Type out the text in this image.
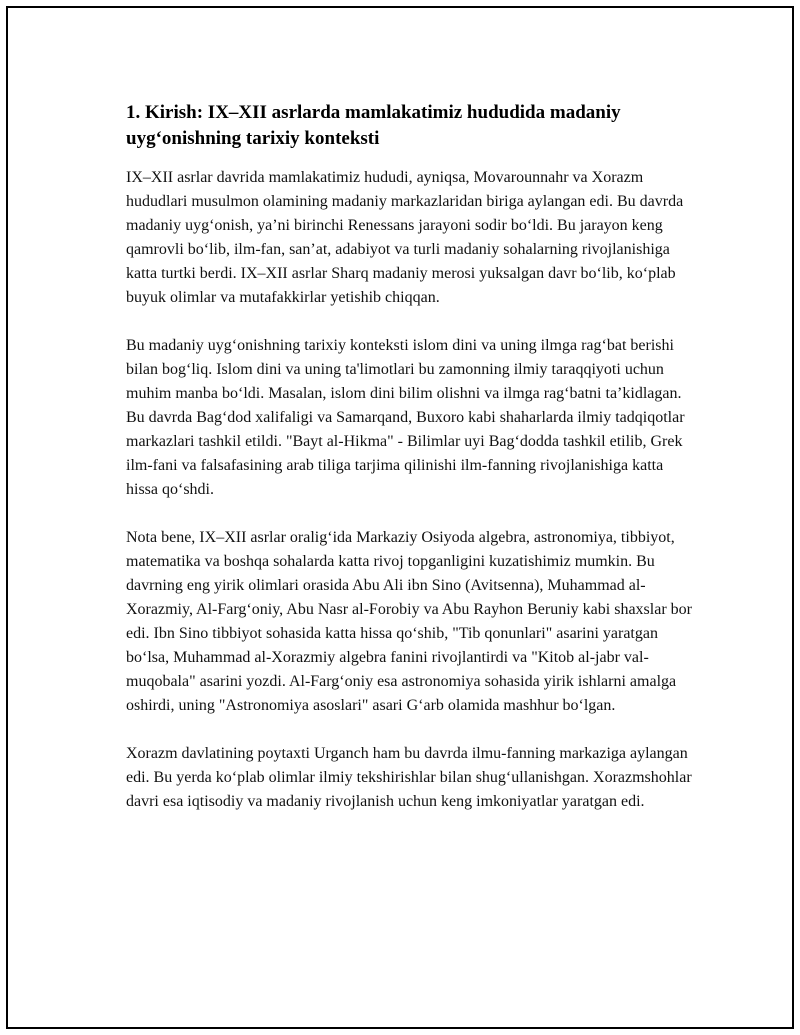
1. Kirish: IX–XII asrlarda mamlakatimiz hududida madaniy uyg‘onishning tarixiy konteksti

IX–XII asrlar davrida mamlakatimiz hududi, ayniqsa, Movarounnahr va Xorazm hududlari musulmon olamining madaniy markazlaridan biriga aylangan edi. Bu davrda madaniy uyg‘onish, ya’ni birinchi Renessans jarayoni sodir bo‘ldi. Bu jarayon keng qamrovli bo‘lib, ilm-fan, san’at, adabiyot va turli madaniy sohalarning rivojlanishiga katta turtki berdi. IX–XII asrlar Sharq madaniy merosi yuksalgan davr bo‘lib, ko‘plab buyuk olimlar va mutafakkirlar yetishib chiqqan.

Bu madaniy uyg‘onishning tarixiy konteksti islom dini va uning ilmga rag‘bat berishi bilan bog‘liq. Islom dini va uning ta'limotlari bu zamonning ilmiy taraqqiyoti uchun muhim manba bo‘ldi. Masalan, islom dini bilim olishni va ilmga rag‘batni ta’kidlagan. Bu davrda Bag‘dod xalifaligi va Samarqand, Buxoro kabi shaharlarda ilmiy tadqiqotlar markazlari tashkil etildi. "Bayt al-Hikma" - Bilimlar uyi Bag‘dodda tashkil etilib, Grek ilm-fani va falsafasining arab tiliga tarjima qilinishi ilm-fanning rivojlanishiga katta hissa qo‘shdi.

Nota bene, IX–XII asrlar oralig‘ida Markaziy Osiyoda algebra, astronomiya, tibbiyot, matematika va boshqa sohalarda katta rivoj topganligini kuzatishimiz mumkin. Bu davrning eng yirik olimlari orasida Abu Ali ibn Sino (Avitsenna), Muhammad al-Xorazmiy, Al-Farg‘oniy, Abu Nasr al-Forobiy va Abu Rayhon Beruniy kabi shaxslar bor edi. Ibn Sino tibbiyot sohasida katta hissa qo‘shib, "Tib qonunlari" asarini yaratgan bo‘lsa, Muhammad al-Xorazmiy algebra fanini rivojlantirdi va "Kitob al-jabr val-muqobala" asarini yozdi. Al-Farg‘oniy esa astronomiya sohasida yirik ishlarni amalga oshirdi, uning "Astronomiya asoslari" asari G‘arb olamida mashhur bo‘lgan.

Xorazm davlatining poytaxti Urganch ham bu davrda ilmu-fanning markaziga aylangan edi. Bu yerda ko‘plab olimlar ilmiy tekshirishlar bilan shug‘ullanishgan. Xorazmshohlar davri esa iqtisodiy va madaniy rivojlanish uchun keng imkoniyatlar yaratgan edi.
